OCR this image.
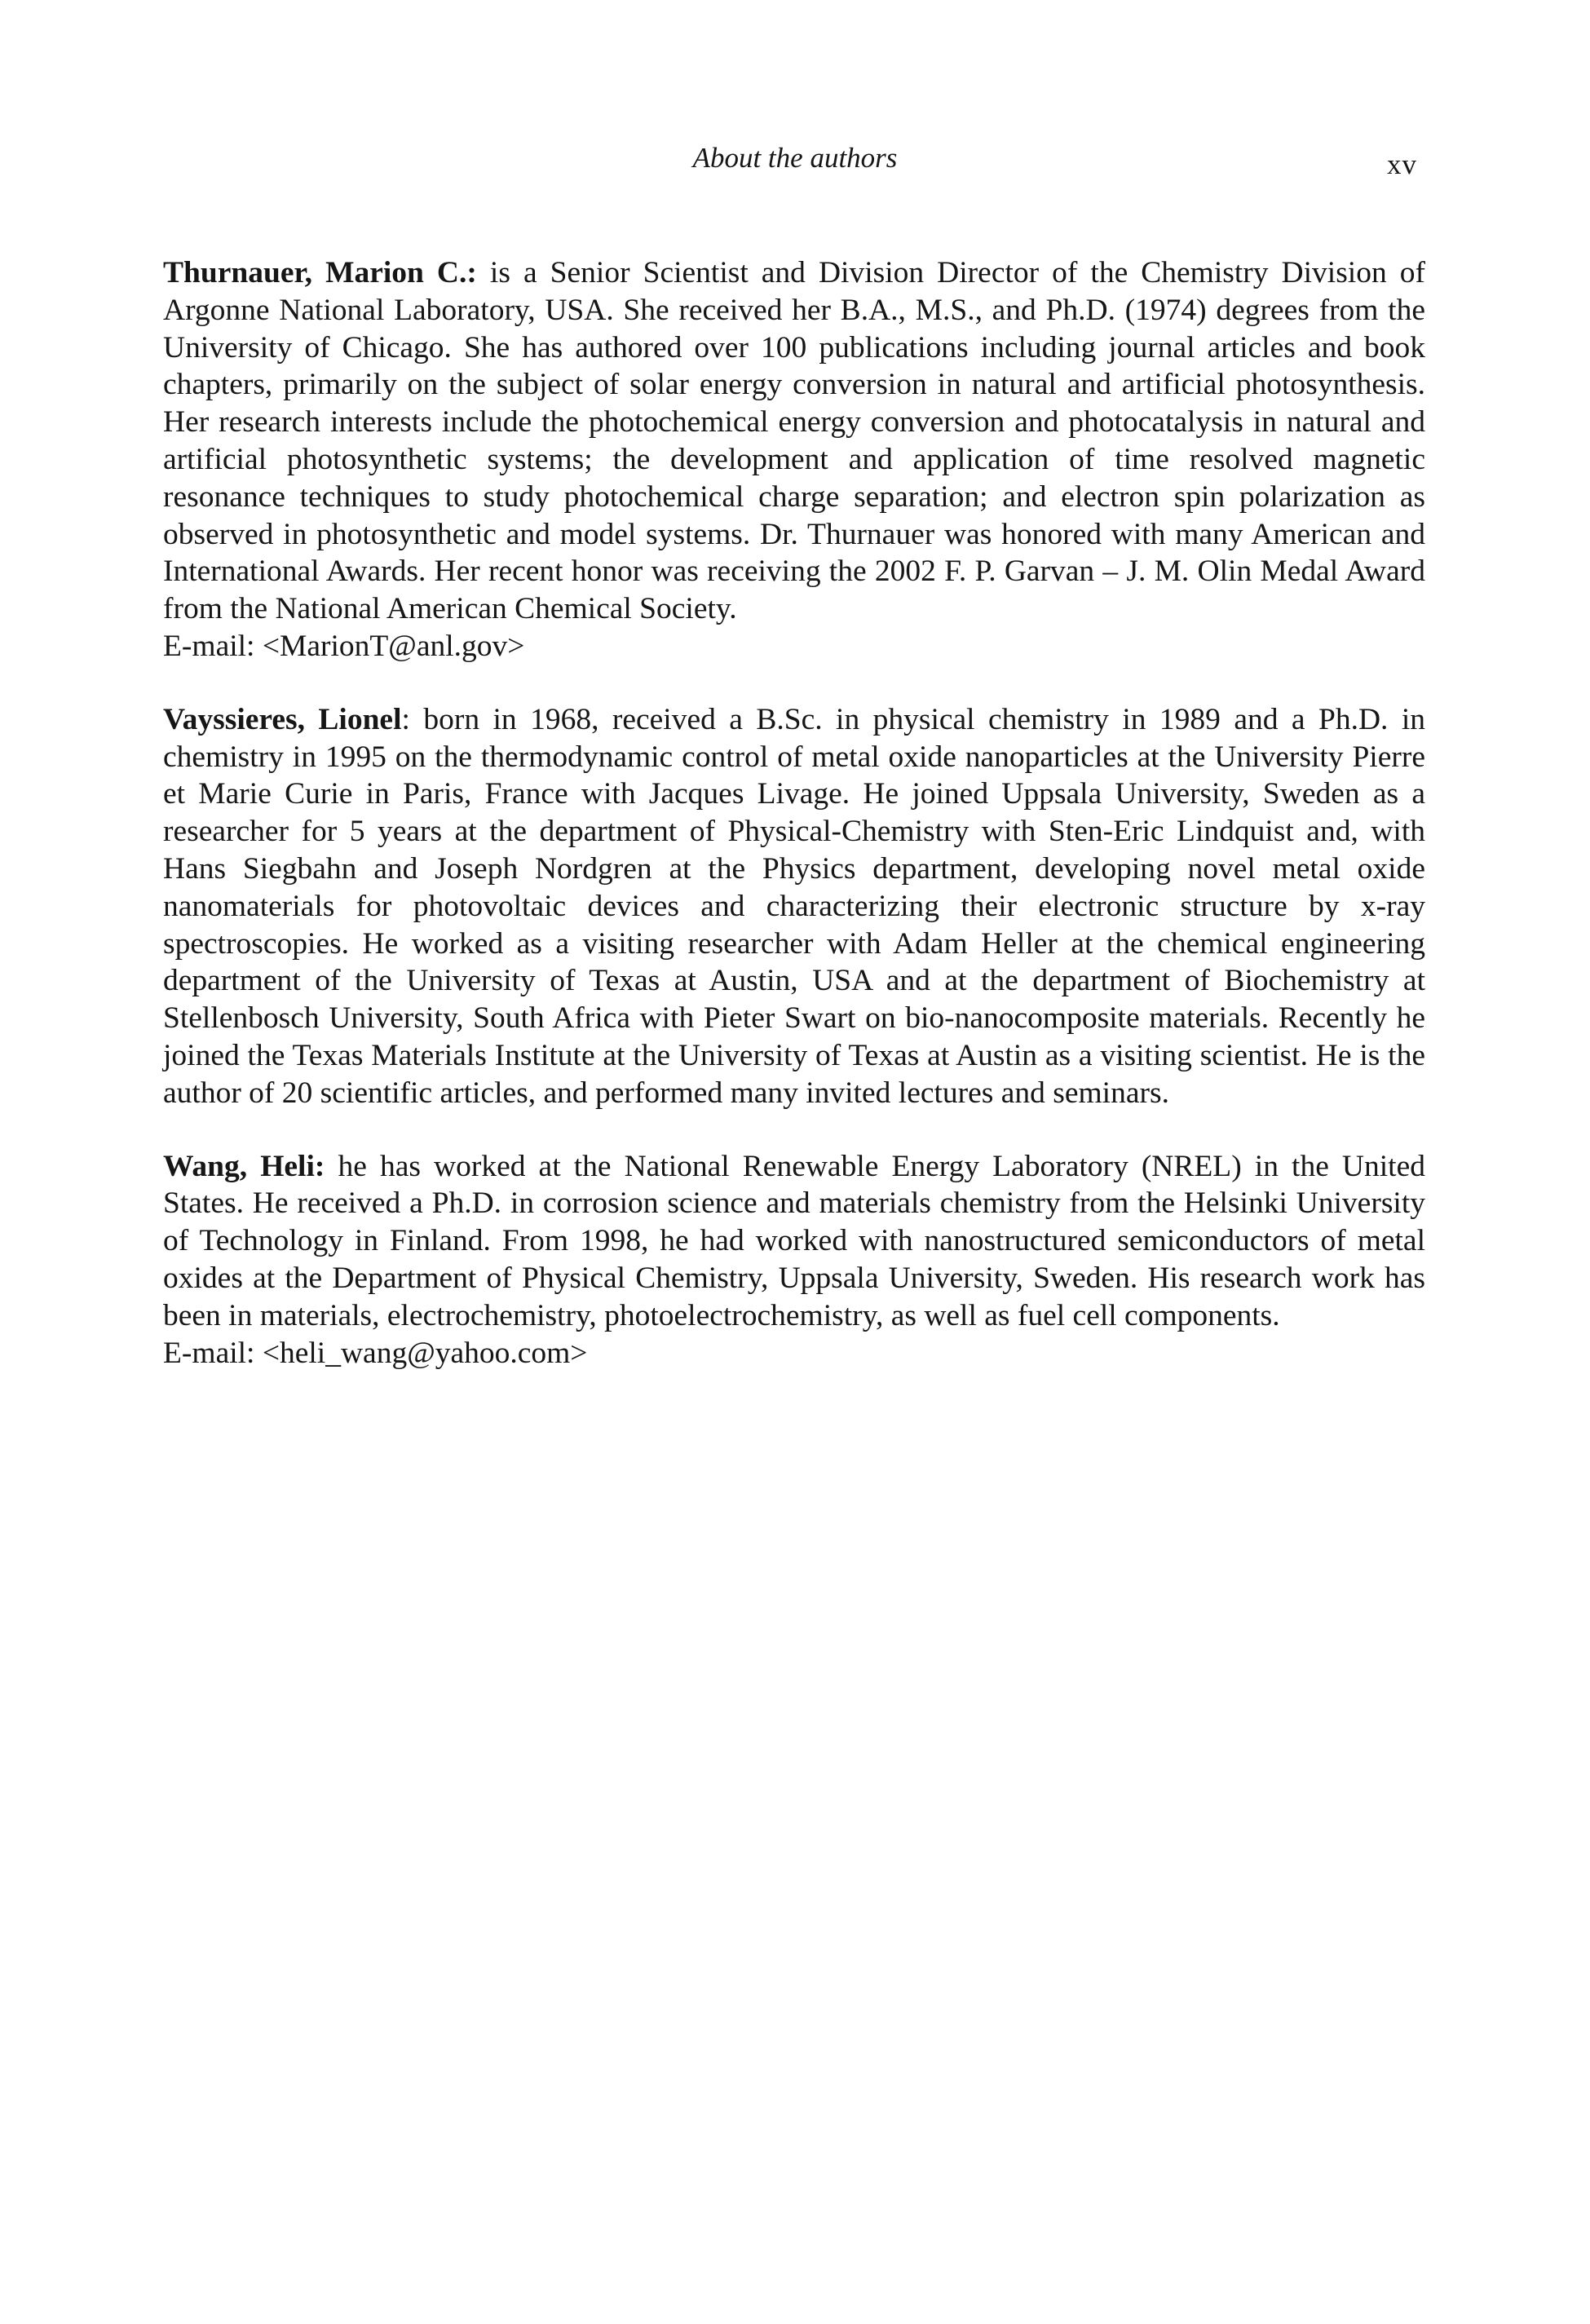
About the authors	xv

Thurnauer, Marion C.: is a Senior Scientist and Division Director of the Chemistry Division of Argonne National Laboratory, USA. She received her B.A., M.S., and Ph.D. (1974) degrees from the University of Chicago. She has authored over 100 publications including journal articles and book chapters, primarily on the subject of solar energy conversion in natural and artificial photosynthesis. Her research interests include the photochemical energy conversion and photocatalysis in natural and artificial photosynthetic systems; the development and application of time resolved magnetic resonance techniques to study photochemical charge separation; and electron spin polarization as observed in photosynthetic and model systems. Dr. Thurnauer was honored with many American and International Awards. Her recent honor was receiving the 2002 F. P. Garvan – J. M. Olin Medal Award from the National American Chemical Society.

E-mail: <MarionT@anl.gov>

Vayssieres, Lionel: born in 1968, received a B.Sc. in physical chemistry in 1989 and a Ph.D. in chemistry in 1995 on the thermodynamic control of metal oxide nanoparticles at the University Pierre et Marie Curie in Paris, France with Jacques Livage. He joined Uppsala University, Sweden as a researcher for 5 years at the department of Physical-Chemistry with Sten-Eric Lindquist and, with Hans Siegbahn and Joseph Nordgren at the Physics department, developing novel metal oxide nanomaterials for photovoltaic devices and characterizing their electronic structure by x-ray spectroscopies. He worked as a visiting researcher with Adam Heller at the chemical engineering department of the University of Texas at Austin, USA and at the department of Biochemistry at Stellenbosch University, South Africa with Pieter Swart on bio-nanocomposite materials. Recently he joined the Texas Materials Institute at the University of Texas at Austin as a visiting scientist. He is the author of 20 scientific articles, and performed many invited lectures and seminars.

Wang, Heli: he has worked at the National Renewable Energy Laboratory (NREL) in the United States. He received a Ph.D. in corrosion science and materials chemistry from the Helsinki University of Technology in Finland. From 1998, he had worked with nanostructured semiconductors of metal oxides at the Department of Physical Chemistry, Uppsala University, Sweden. His research work has been in materials, electrochemistry, photoelectrochemistry, as well as fuel cell components.

E-mail: <heli_wang@yahoo.com>
